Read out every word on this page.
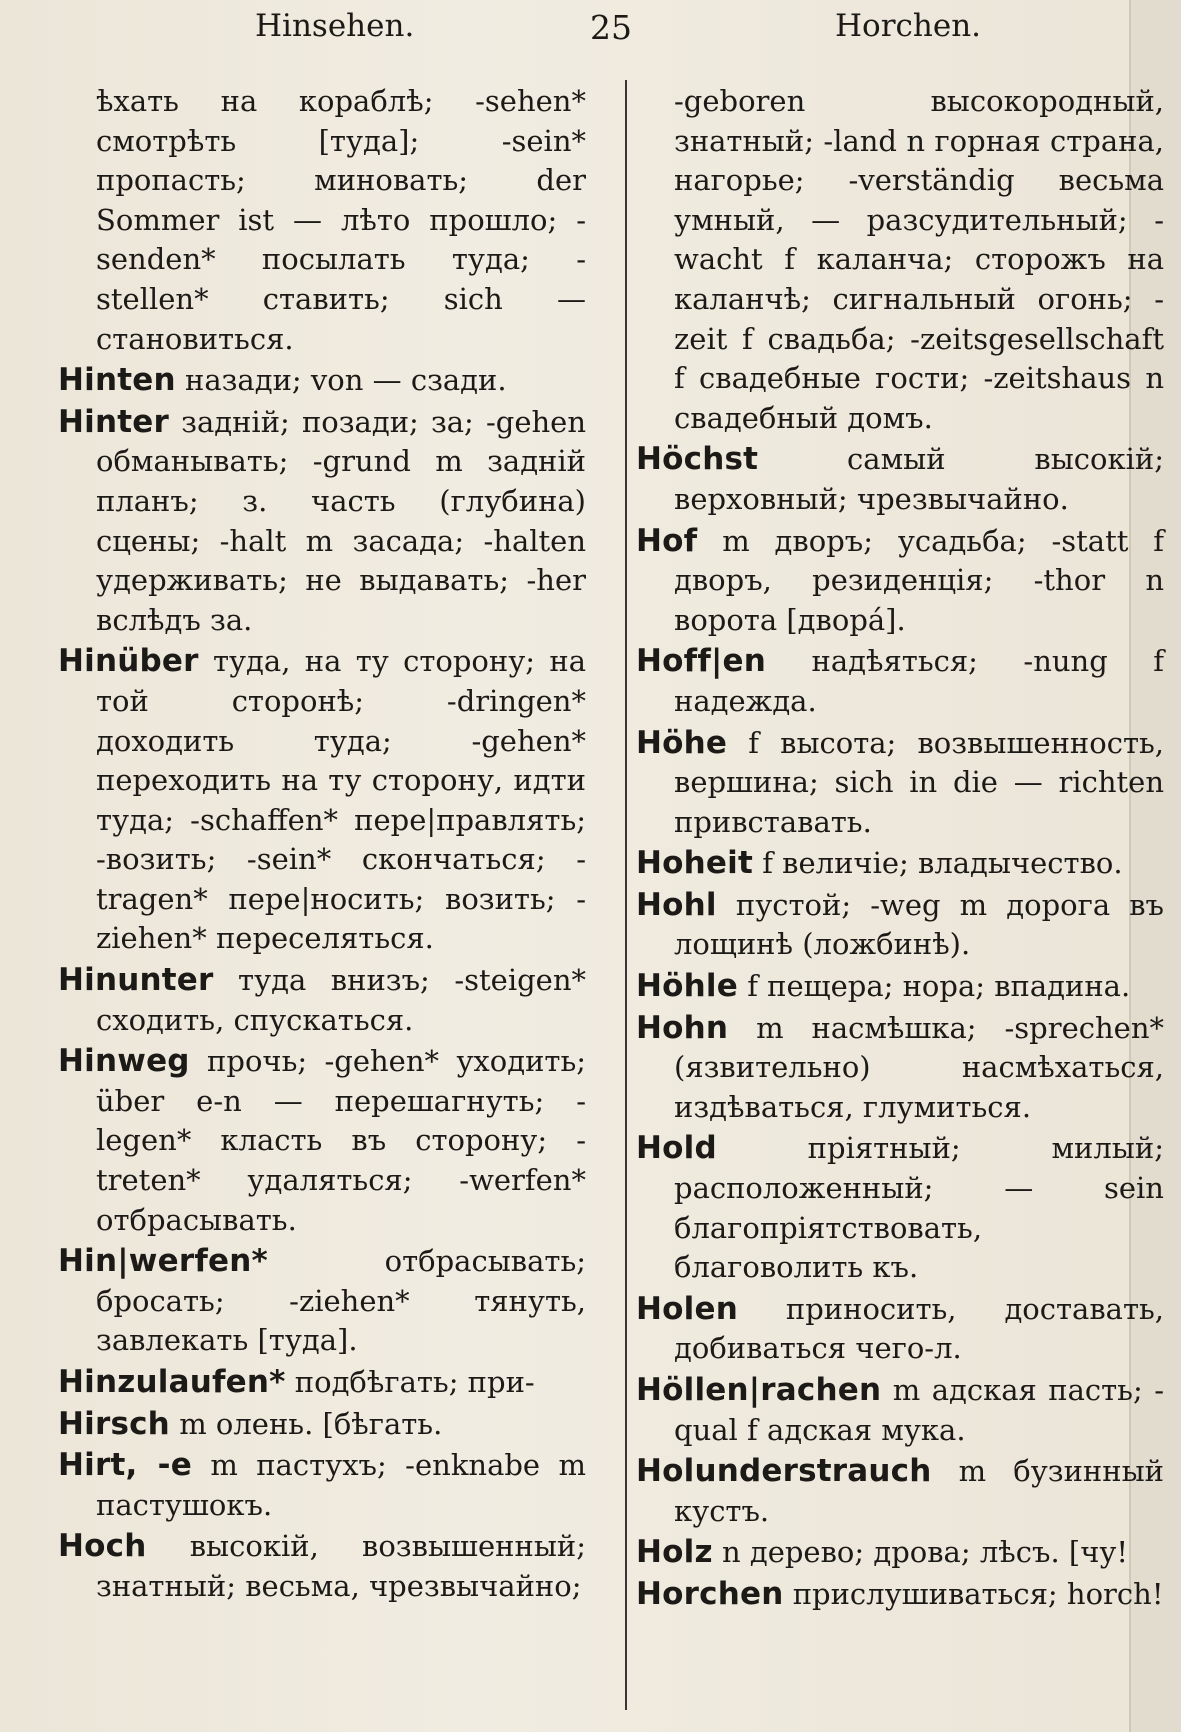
Hinsehen.	25	Horchen.

ѣхать на кораблѣ; -sehen* смотрѣть [туда]; -sein* пропасть; миновать; der Sommer ist — лѣто прошло; -senden* посылать туда; -stellen* ставить; sich — становиться.

Hinten назади; von — сзади.

Hinter заднiй; позади; за; -gehen обманывать; -grund m заднiй планъ; з. часть (глубина) сцены; -halt m засада; -halten удерживать; не выдавать; -her вслѣдъ за.

Hinüber туда, на ту сторону; на той сторонѣ; -dringen* доходить туда; -gehen* переходить на ту сторону, идти туда; -schaffen* пере|правлять; -возить; -sein* скончаться; -tragen* пере|носить; возить; -ziehen* переселяться.

Hinunter туда внизъ; -steigen* сходить, спускаться.

Hinweg прочь; -gehen* уходить; über e-n — перешагнуть; -legen* класть въ сторону; -treten* удаляться; -werfen* отбрасывать.

Hin|werfen*	отбрасывать; бросать; -ziehen* тянуть, завлекать [туда].

Hinzulaufen* подбѣгать; при-

Hirsch m олень. [бѣгать.

Hirt, -e m пастухъ; -enknabe m пастушокъ.

Hoch высокiй, возвышенный; знатный; весьма, чрезвычайно;

-geboren высокородный, знатный; -land n горная страна, нагорье; -verständig весьма умный, — разсудительный; -wacht f каланча; сторожъ на каланчѣ; сигнальный огонь; -zeit f свадьба; -zeitsgesellschaft f свадебные гости; -zeitshaus n свадебный домъ.

Höchst	самый высокiй; верховный; чрезвычайно.

Hof m дворъ; усадьба; -statt f дворъ, резиденцiя; -thor n ворота [дворá].

Hoff|en надѣяться; -nung f надежда.

Höhe f высота; возвышенность, вершина; sich in die — richten привставать.

Hoheit f величiе; владычество.

Hohl пустой; -weg m дорога въ лощинѣ (ложбинѣ).

Höhle f пещера; нора; впадина.

Hohn m насмѣшка; -sprechen* (язвительно) насмѣхаться, издѣваться, глумиться.

Hold	прiятный; милый; расположенный; — sein благопрiятствовать, благоволить къ.

Holen приносить, доставать, добиваться чего-л.

Höllen|rachen m адская пасть; -qual f адская мука.

Holunderstrauch m бузинный кустъ.

Holz n дерево; дрова; лѣсъ. [чу!

Horchen прислушиваться; horch!
